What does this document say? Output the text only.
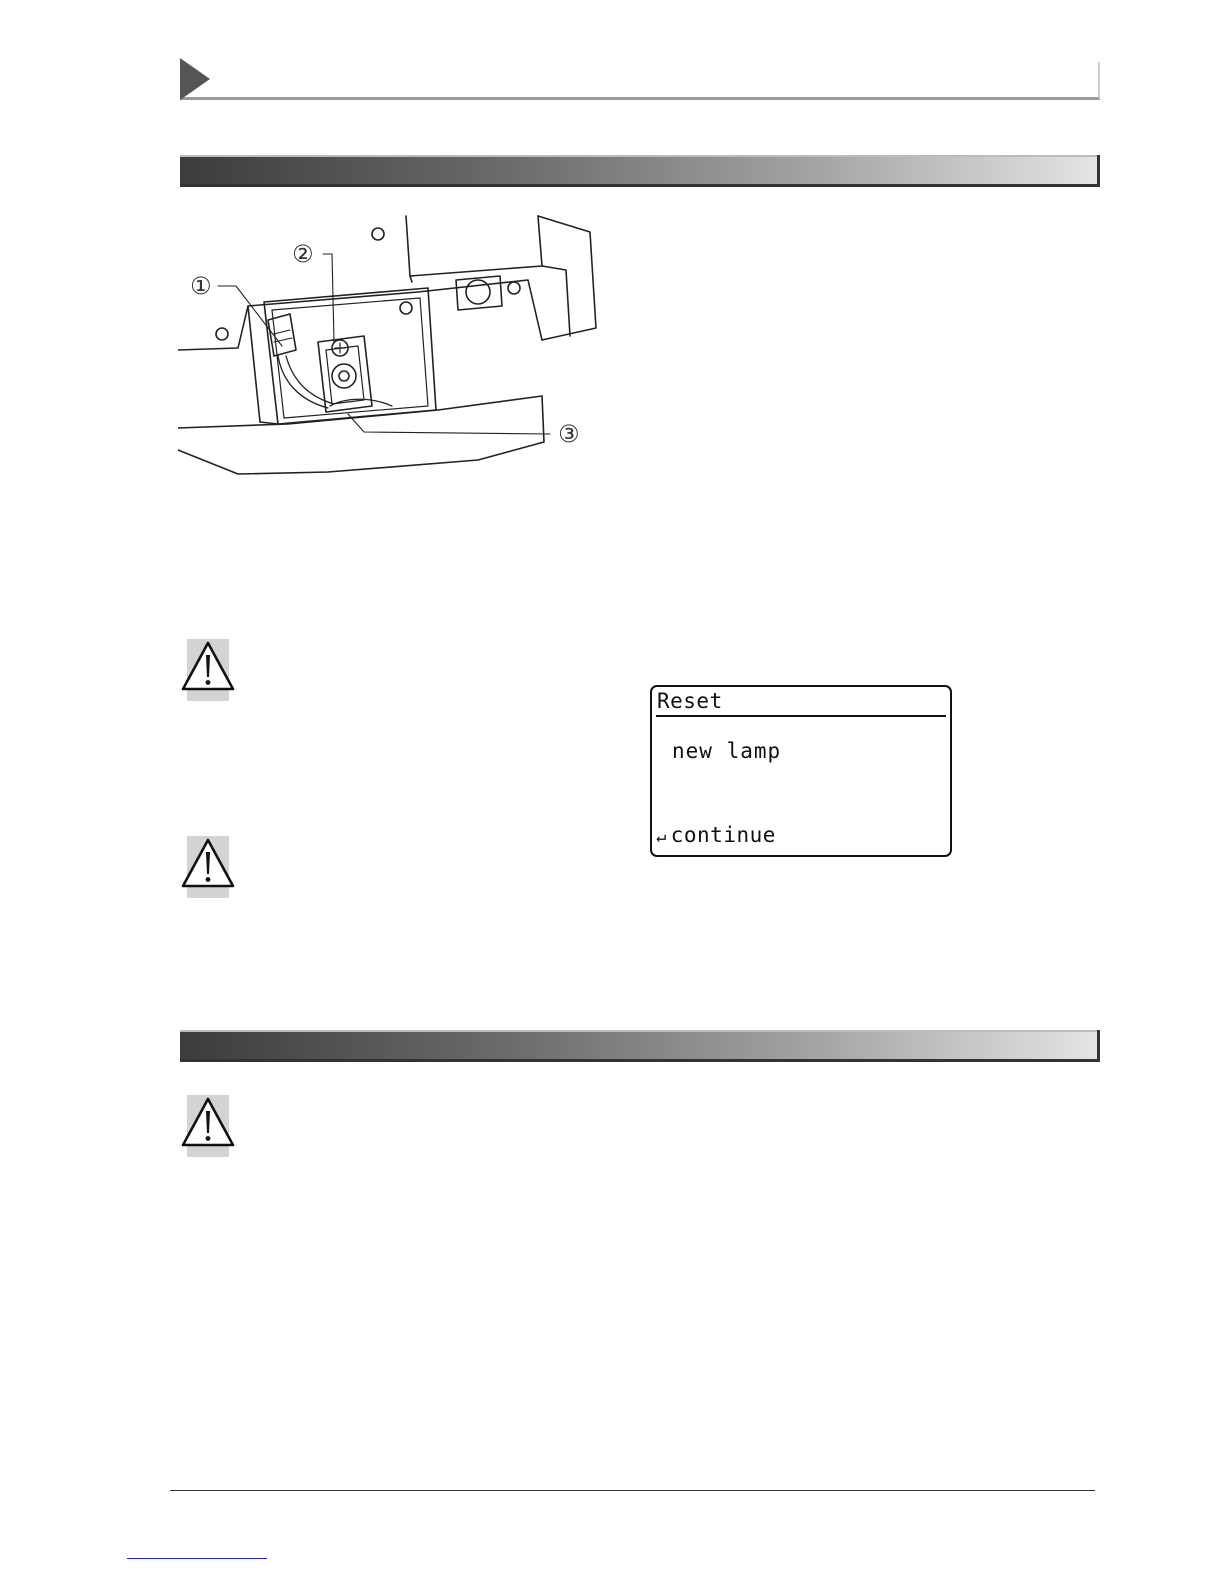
①
②
③
Reset
new lamp
↵ continue
